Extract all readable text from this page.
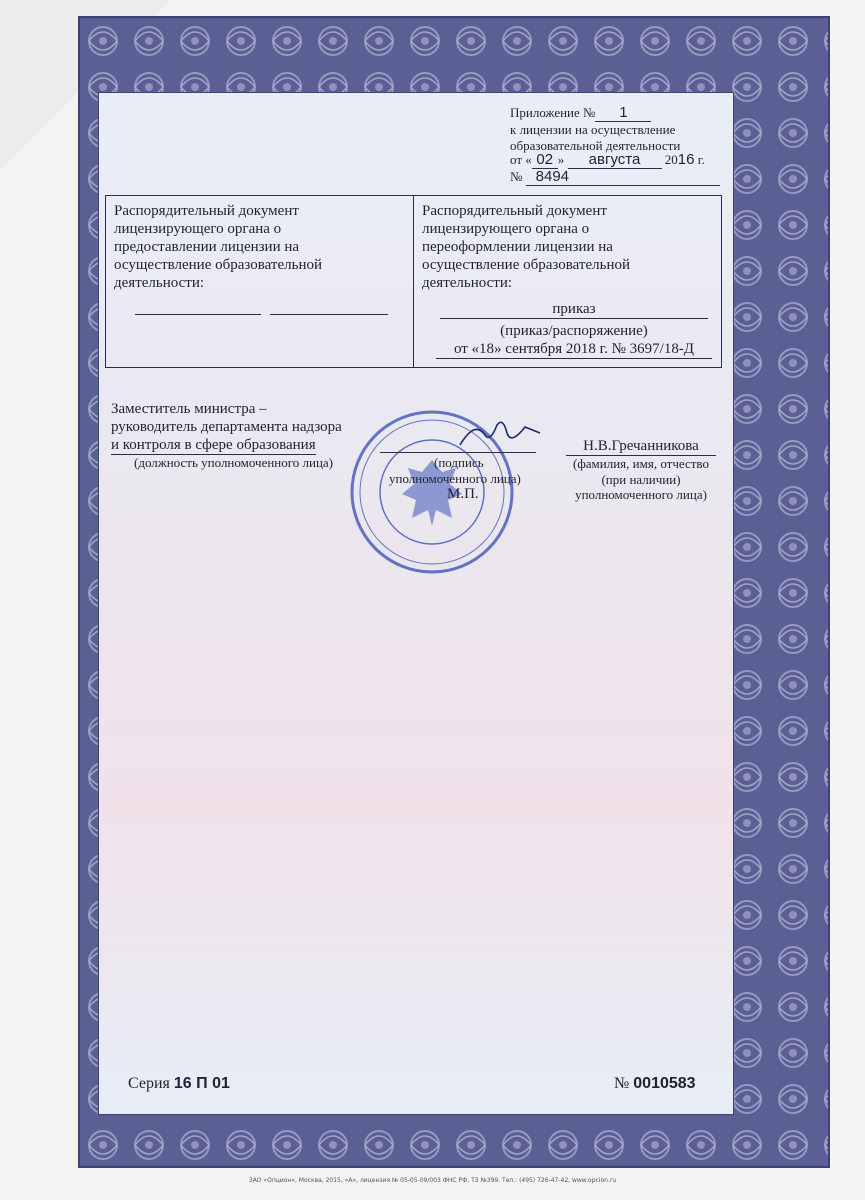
Приложение № 1
к лицензии на осуществление
образовательной деятельности
от « 02 » августа 2016 г.
№ 8494
Распорядительный документ лицензирующего органа о предоставлении лицензии на осуществление образовательной деятельности:

Распорядительный документ лицензирующего органа о переоформлении лицензии на осуществление образовательной деятельности:
приказ
(приказ/распоряжение)
от «18» сентября 2018 г. № 3697/18-Д
Заместитель министра –
руководитель департамента надзора
и контроля в сфере образования
(должность уполномоченного лица)	(подпись
уполномоченного лица)
М.П.
Н.В.Гречанникова
(фамилия, имя, отчество
(при наличии)
уполномоченного лица)
Серия 16 П 01	№ 0010583
ЗАО «Опцион», Москва, 2015, «А», лицензия № 05-05-09/003 ФНС РФ, ТЗ №399. Тел.: (495) 726-47-42, www.opcion.ru
